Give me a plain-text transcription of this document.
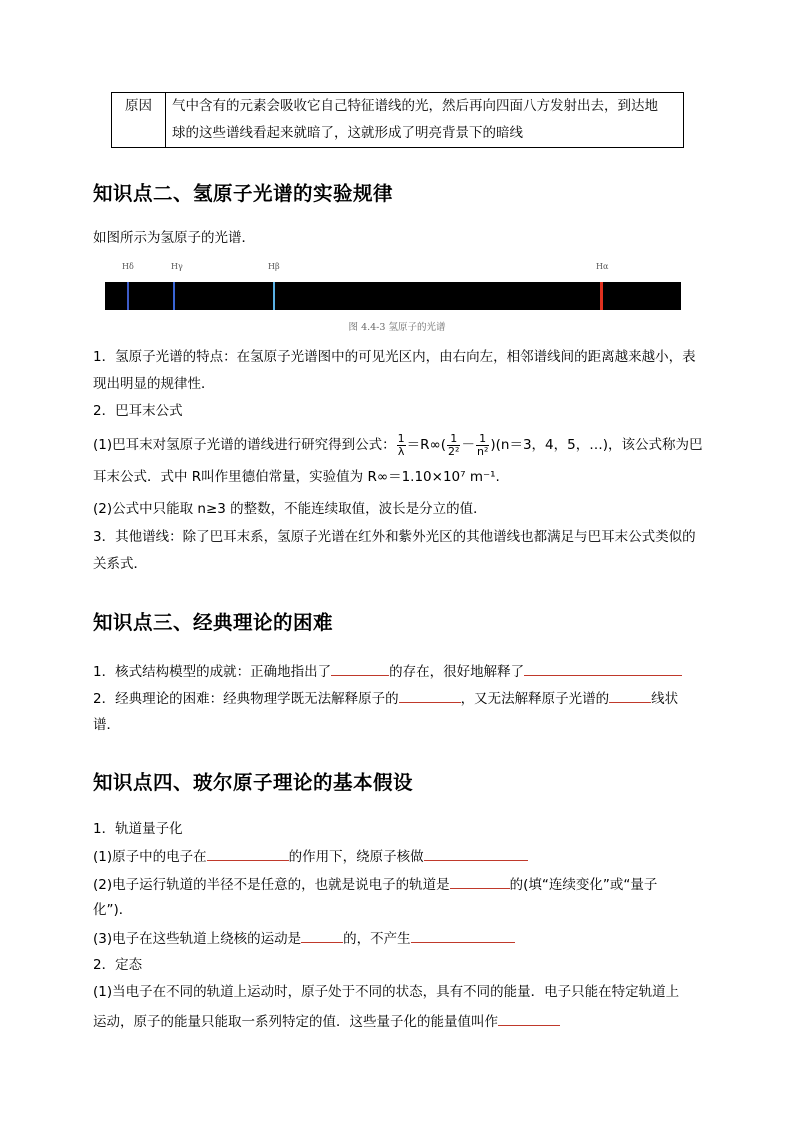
原因	气中含有的元素会吸收它自己特征谱线的光，然后再向四面八方发射出去，到达地
球的这些谱线看起来就暗了，这就形成了明亮背景下的暗线
知识点二、氢原子光谱的实验规律

如图所示为氢原子的光谱．

Hδ	Hγ	Hβ	Hα
图 4.4-3 氢原子的光谱

1．氢原子光谱的特点：在氢原子光谱图中的可见光区内，由右向左，相邻谱线间的距离越来越小，表现出明显的规律性．

2．巴耳末公式

(1)巴耳末对氢原子光谱的谱线进行研究得到公式： $\frac{1}{\lambda} =R\infty( \frac{1}{\text{2²}} - \frac{1}{\text{n²}} )(n=3$，4，5，…)，该公式称为巴

耳末公式．式中 R叫作里德伯常量，实验值为 R∞＝1.10×10⁷ m⁻¹.

(2)公式中只能取 n≥3 的整数，不能连续取值，波长是分立的值．

3．其他谱线：除了巴耳末系，氢原子光谱在红外和紫外光区的其他谱线也都满足与巴耳末公式类似的关系式．

知识点三、经典理论的困难

1．核式结构模型的成就：正确地指出了	的存在，很好地解释了

2．经典理论的困难：经典物理学既无法解释原子的	，又无法解释原子光谱的	线状

谱．

知识点四、玻尔原子理论的基本假设

1．轨道量子化

(1)原子中的电子在	的作用下，绕原子核做

(2)电子运行轨道的半径不是任意的，也就是说电子的轨道是	的(填“连续变化”或“量子

化”)．

(3)电子在这些轨道上绕核的运动是	的，不产生

2．定态

(1)当电子在不同的轨道上运动时，原子处于不同的状态，具有不同的能量．电子只能在特定轨道上

运动，原子的能量只能取一系列特定的值．这些量子化的能量值叫作
